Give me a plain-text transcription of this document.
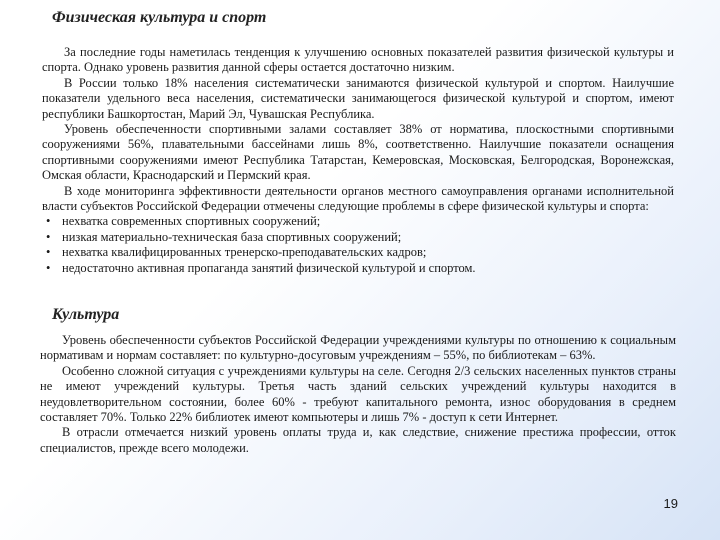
Физическая культура и спорт

За последние годы наметилась тенденция к улучшению основных показателей развития физической культуры и спорта. Однако уровень развития данной сферы остается достаточно низким.

В России только 18% населения систематически занимаются физической культурой и спортом. Наилучшие показатели удельного веса населения, систематически занимающегося физической культурой и спортом, имеют республики Башкортостан, Марий Эл, Чувашская Республика.

Уровень обеспеченности спортивными залами составляет 38% от норматива, плоскостными спортивными сооружениями 56%, плавательными бассейнами лишь 8%, соответственно. Наилучшие показатели оснащения спортивными сооружениями имеют Республика Татарстан, Кемеровская, Московская, Белгородская, Воронежская, Омская области, Краснодарский и Пермский края.

В ходе мониторинга эффективности деятельности органов местного самоуправления органами исполнительной власти субъектов Российской Федерации отмечены следующие проблемы в сфере физической культуры и спорта:

• нехватка современных спортивных сооружений;
• низкая материально-техническая база спортивных сооружений;
• нехватка квалифицированных тренерско-преподавательских кадров;
• недостаточно активная пропаганда занятий физической культурой и спортом.
Культура

Уровень обеспеченности субъектов Российской Федерации учреждениями культуры по отношению к социальным нормативам и нормам составляет: по культурно-досуговым учреждениям – 55%, по библиотекам – 63%.

Особенно сложной ситуация с учреждениями культуры на селе. Сегодня 2/3 сельских населенных пунктов страны не имеют учреждений культуры. Третья часть зданий сельских учреждений культуры находится в неудовлетворительном состоянии, более 60% - требуют капитального ремонта, износ оборудования в среднем составляет 70%. Только 22% библиотек имеют компьютеры и лишь 7% - доступ к сети Интернет.

В отрасли отмечается низкий уровень оплаты труда и, как следствие, снижение престижа профессии, отток специалистов, прежде всего молодежи.

19
